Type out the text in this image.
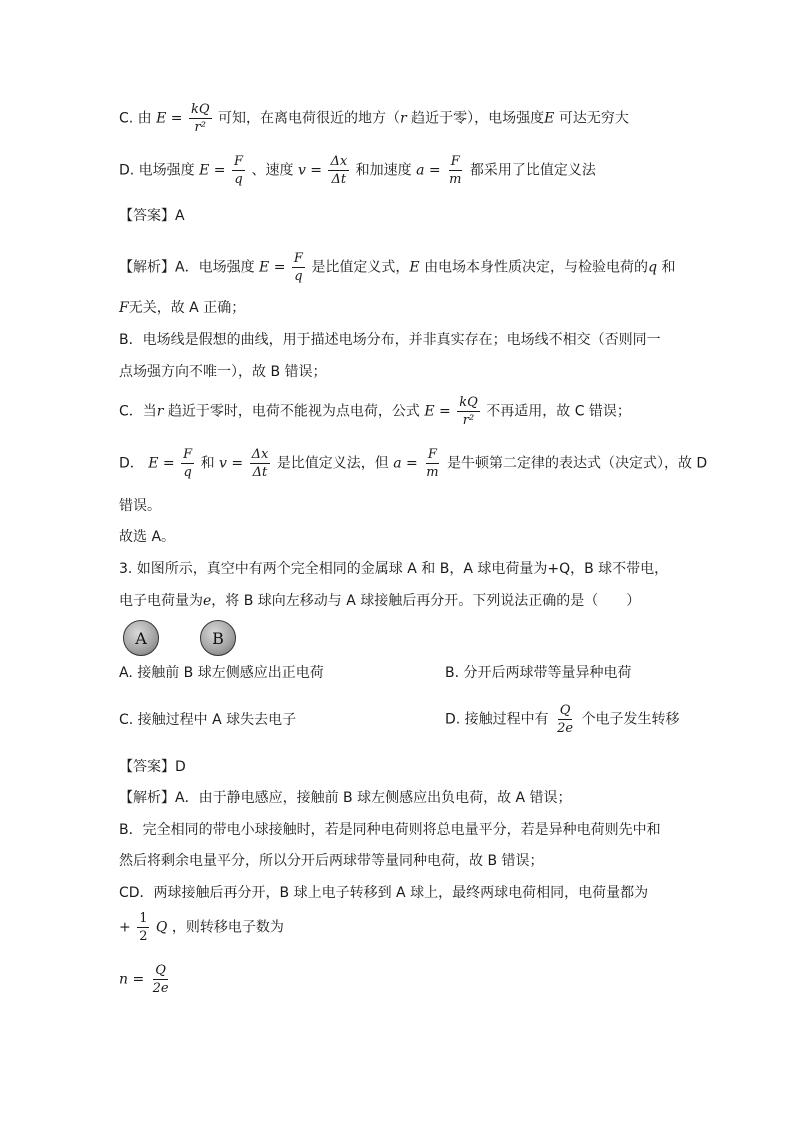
C. 由 $E = \frac{kQ}{\text{r²}}$ 可知，在离电荷很近的地方（r 趋近于零），电场强度E 可达无穷大
D. 电场强度 $E = \frac{F}{q}$ 、速度 $v = \frac{\Delta x}{\Delta t}$ 和加速度 $a = \frac{F}{m}$ 都采用了比值定义法
【答案】A
【解析】A．电场强度 $E = \frac{F}{q}$ 是比值定义式，E 由电场本身性质决定，与检验电荷的q 和
F无关，故 A 正确；
B．电场线是假想的曲线，用于描述电场分布，并非真实存在；电场线不相交（否则同一
点场强方向不唯一），故 B 错误；
C．当r 趋近于零时，电荷不能视为点电荷，公式 $E = \frac{kQ}{\text{r²}}$ 不再适用，故 C 错误；
D． $E = \frac{F}{q}$ 和 $v = \frac{\Delta x}{\Delta t}$ 是比值定义法，但 $a = \frac{F}{m}$ 是牛顿第二定律的表达式（决定式），故 D
错误。
故选 A。
3. 如图所示，真空中有两个完全相同的金属球 A 和 B，A 球电荷量为+Q，B 球不带电，
电子电荷量为e，将 B 球向左移动与 A 球接触后再分开。下列说法正确的是（　　）
A	B
A. 接触前 B 球左侧感应出正电荷	B. 分开后两球带等量异种电荷
C. 接触过程中 A 球失去电子	D. 接触过程中有 $\frac{Q}{2e}$ 个电子发生转移
【答案】D
【解析】A．由于静电感应，接触前 B 球左侧感应出负电荷，故 A 错误；
B．完全相同的带电小球接触时，若是同种电荷则将总电量平分，若是异种电荷则先中和
然后将剩余电量平分，所以分开后两球带等量同种电荷，故 B 错误；
CD．两球接触后再分开，B 球上电子转移到 A 球上，最终两球电荷相同，电荷量都为
+ $\frac{1}{2}$ Q ，则转移电子数为
$n = \frac{Q}{2e}$
